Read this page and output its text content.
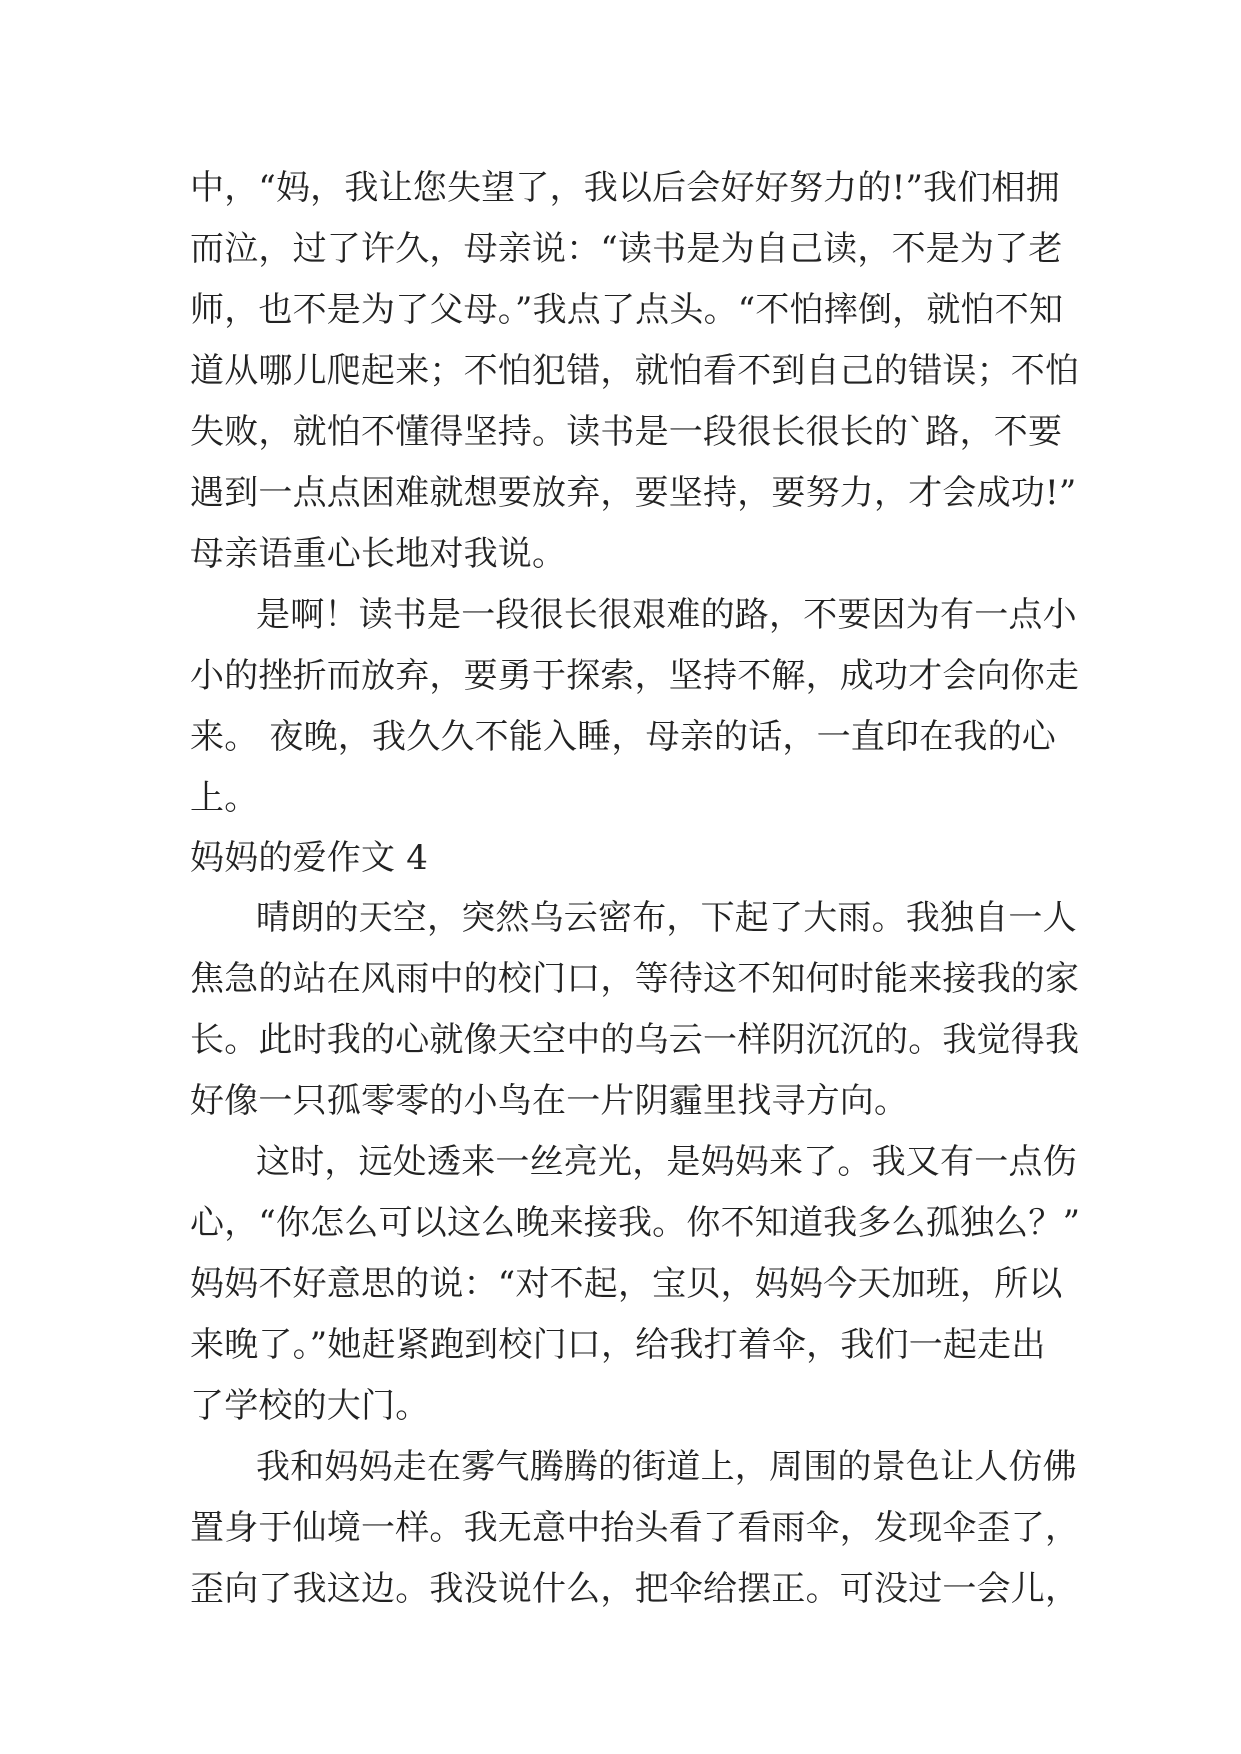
中，“妈，我让您失望了，我以后会好好努力的!”我们相拥
而泣，过了许久，母亲说：“读书是为自己读，不是为了老
师，也不是为了父母。”我点了点头。“不怕摔倒，就怕不知
道从哪儿爬起来；不怕犯错，就怕看不到自己的错误；不怕
失败，就怕不懂得坚持。读书是一段很长很长的`路，不要
遇到一点点困难就想要放弃，要坚持，要努力，才会成功!”
母亲语重心长地对我说。
是啊！读书是一段很长很艰难的路，不要因为有一点小
小的挫折而放弃，要勇于探索，坚持不解，成功才会向你走
来。 夜晚，我久久不能入睡，母亲的话，一直印在我的心
上。
妈妈的爱作文 4
晴朗的天空，突然乌云密布，下起了大雨。我独自一人
焦急的站在风雨中的校门口，等待这不知何时能来接我的家
长。此时我的心就像天空中的乌云一样阴沉沉的。我觉得我
好像一只孤零零的小鸟在一片阴霾里找寻方向。
这时，远处透来一丝亮光，是妈妈来了。我又有一点伤
心，“你怎么可以这么晚来接我。你不知道我多么孤独么？”
妈妈不好意思的说：“对不起，宝贝，妈妈今天加班，所以
来晚了。”她赶紧跑到校门口，给我打着伞，我们一起走出
了学校的大门。
我和妈妈走在雾气腾腾的街道上，周围的景色让人仿佛
置身于仙境一样。我无意中抬头看了看雨伞，发现伞歪了，
歪向了我这边。我没说什么，把伞给摆正。可没过一会儿，
